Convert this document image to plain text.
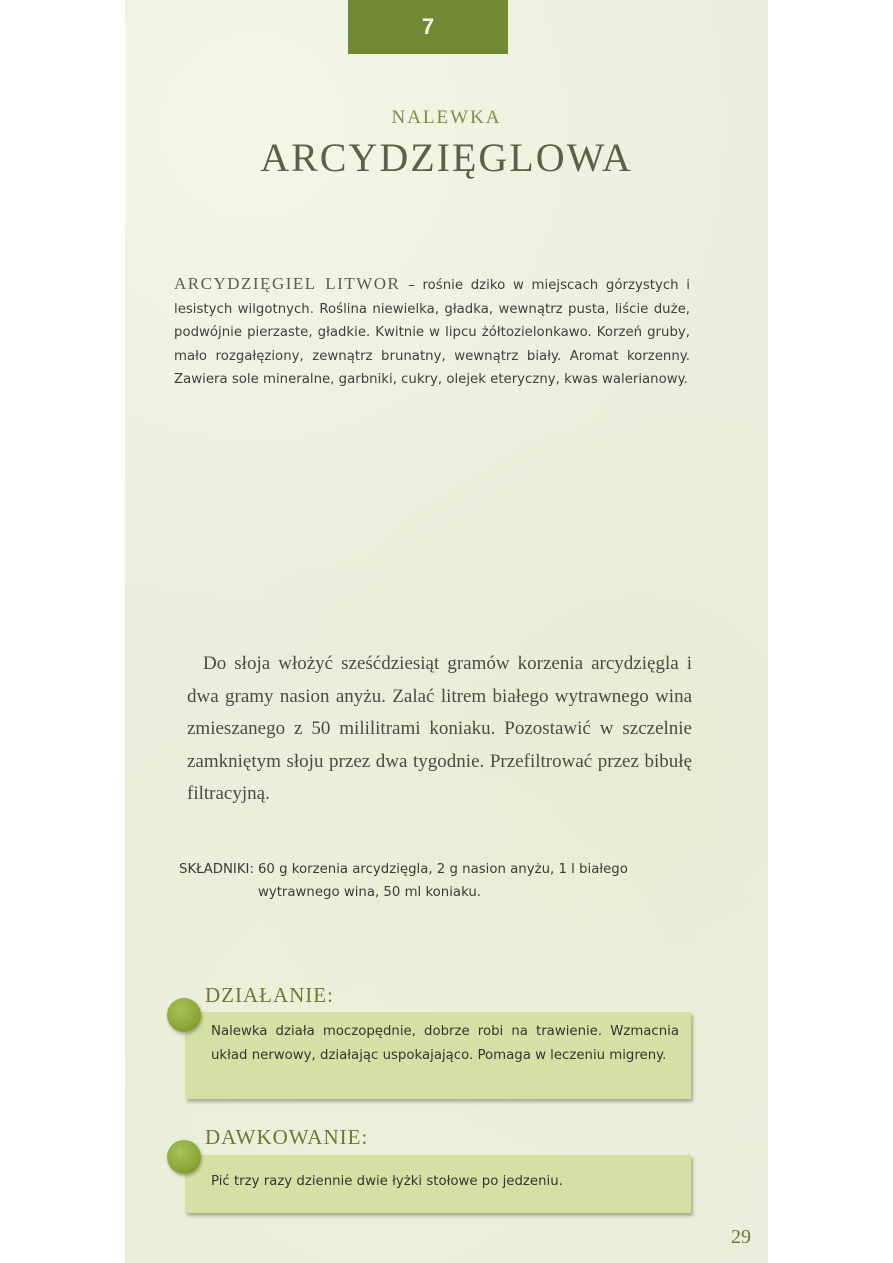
7
NALEWKA
ARCYDZIĘGLOWA
ARCYDZIĘGIEL LITWOR – rośnie dziko w miejscach górzystych i lesistych wilgotnych. Roślina niewielka, gładka, wewnątrz pusta, liście duże, podwójnie pierzaste, gładkie. Kwitnie w lipcu żółtozielonkawo. Korzeń gruby, mało rozgałęziony, zewnątrz brunatny, wewnątrz biały. Aromat korzenny. Zawiera sole mineralne, garbniki, cukry, olejek eteryczny, kwas walerianowy.
Do słoja włożyć sześćdziesiąt gramów korzenia arcydzięgla i dwa gramy nasion anyżu. Zalać litrem białego wytrawnego wina zmieszanego z 50 mililitrami koniaku. Pozostawić w szczelnie zamkniętym słoju przez dwa tygodnie. Przefiltrować przez bibułę filtracyjną.
SKŁADNIKI: 60 g korzenia arcydzięgla, 2 g nasion anyżu, 1 l białego wytrawnego wina, 50 ml koniaku.
DZIAŁANIE:
Nalewka działa moczopędnie, dobrze robi na trawienie. Wzmacnia układ nerwowy, działając uspokajająco. Pomaga w leczeniu migreny.
DAWKOWANIE:
Pić trzy razy dziennie dwie łyżki stołowe po jedzeniu.
29
